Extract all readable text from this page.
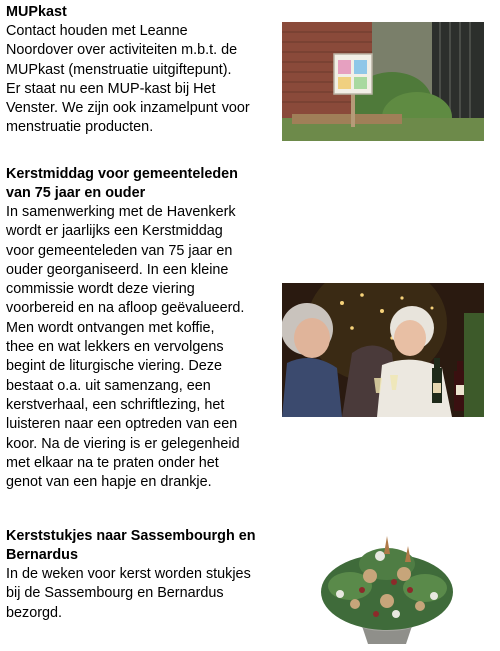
MUPkast

Contact houden met Leanne
Noordover over activiteiten m.b.t. de
MUPkast (menstruatie uitgiftepunt).
Er staat nu een MUP-kast bij Het
Venster. We zijn ook inzamelpunt voor
menstruatie producten.

Kerstmiddag voor gemeenteleden
van 75 jaar en ouder

In samenwerking met de Havenkerk
wordt er jaarlijks een Kerstmiddag
voor gemeenteleden van 75 jaar en
ouder georganiseerd. In een kleine
commissie wordt deze viering
voorbereid en na afloop geëvalueerd.
Men wordt ontvangen met koffie,
thee en wat lekkers en vervolgens
begint de liturgische viering. Deze
bestaat o.a. uit samenzang, een
kerstverhaal, een schriftlezing, het
luisteren naar een optreden van een
koor. Na de viering is er gelegenheid
met elkaar na te praten onder het
genot van een hapje en drankje.

Kerststukjes naar Sassembourgh en
Bernardus

In de weken voor kerst worden stukjes
bij de Sassembourg en Bernardus
bezorgd.
